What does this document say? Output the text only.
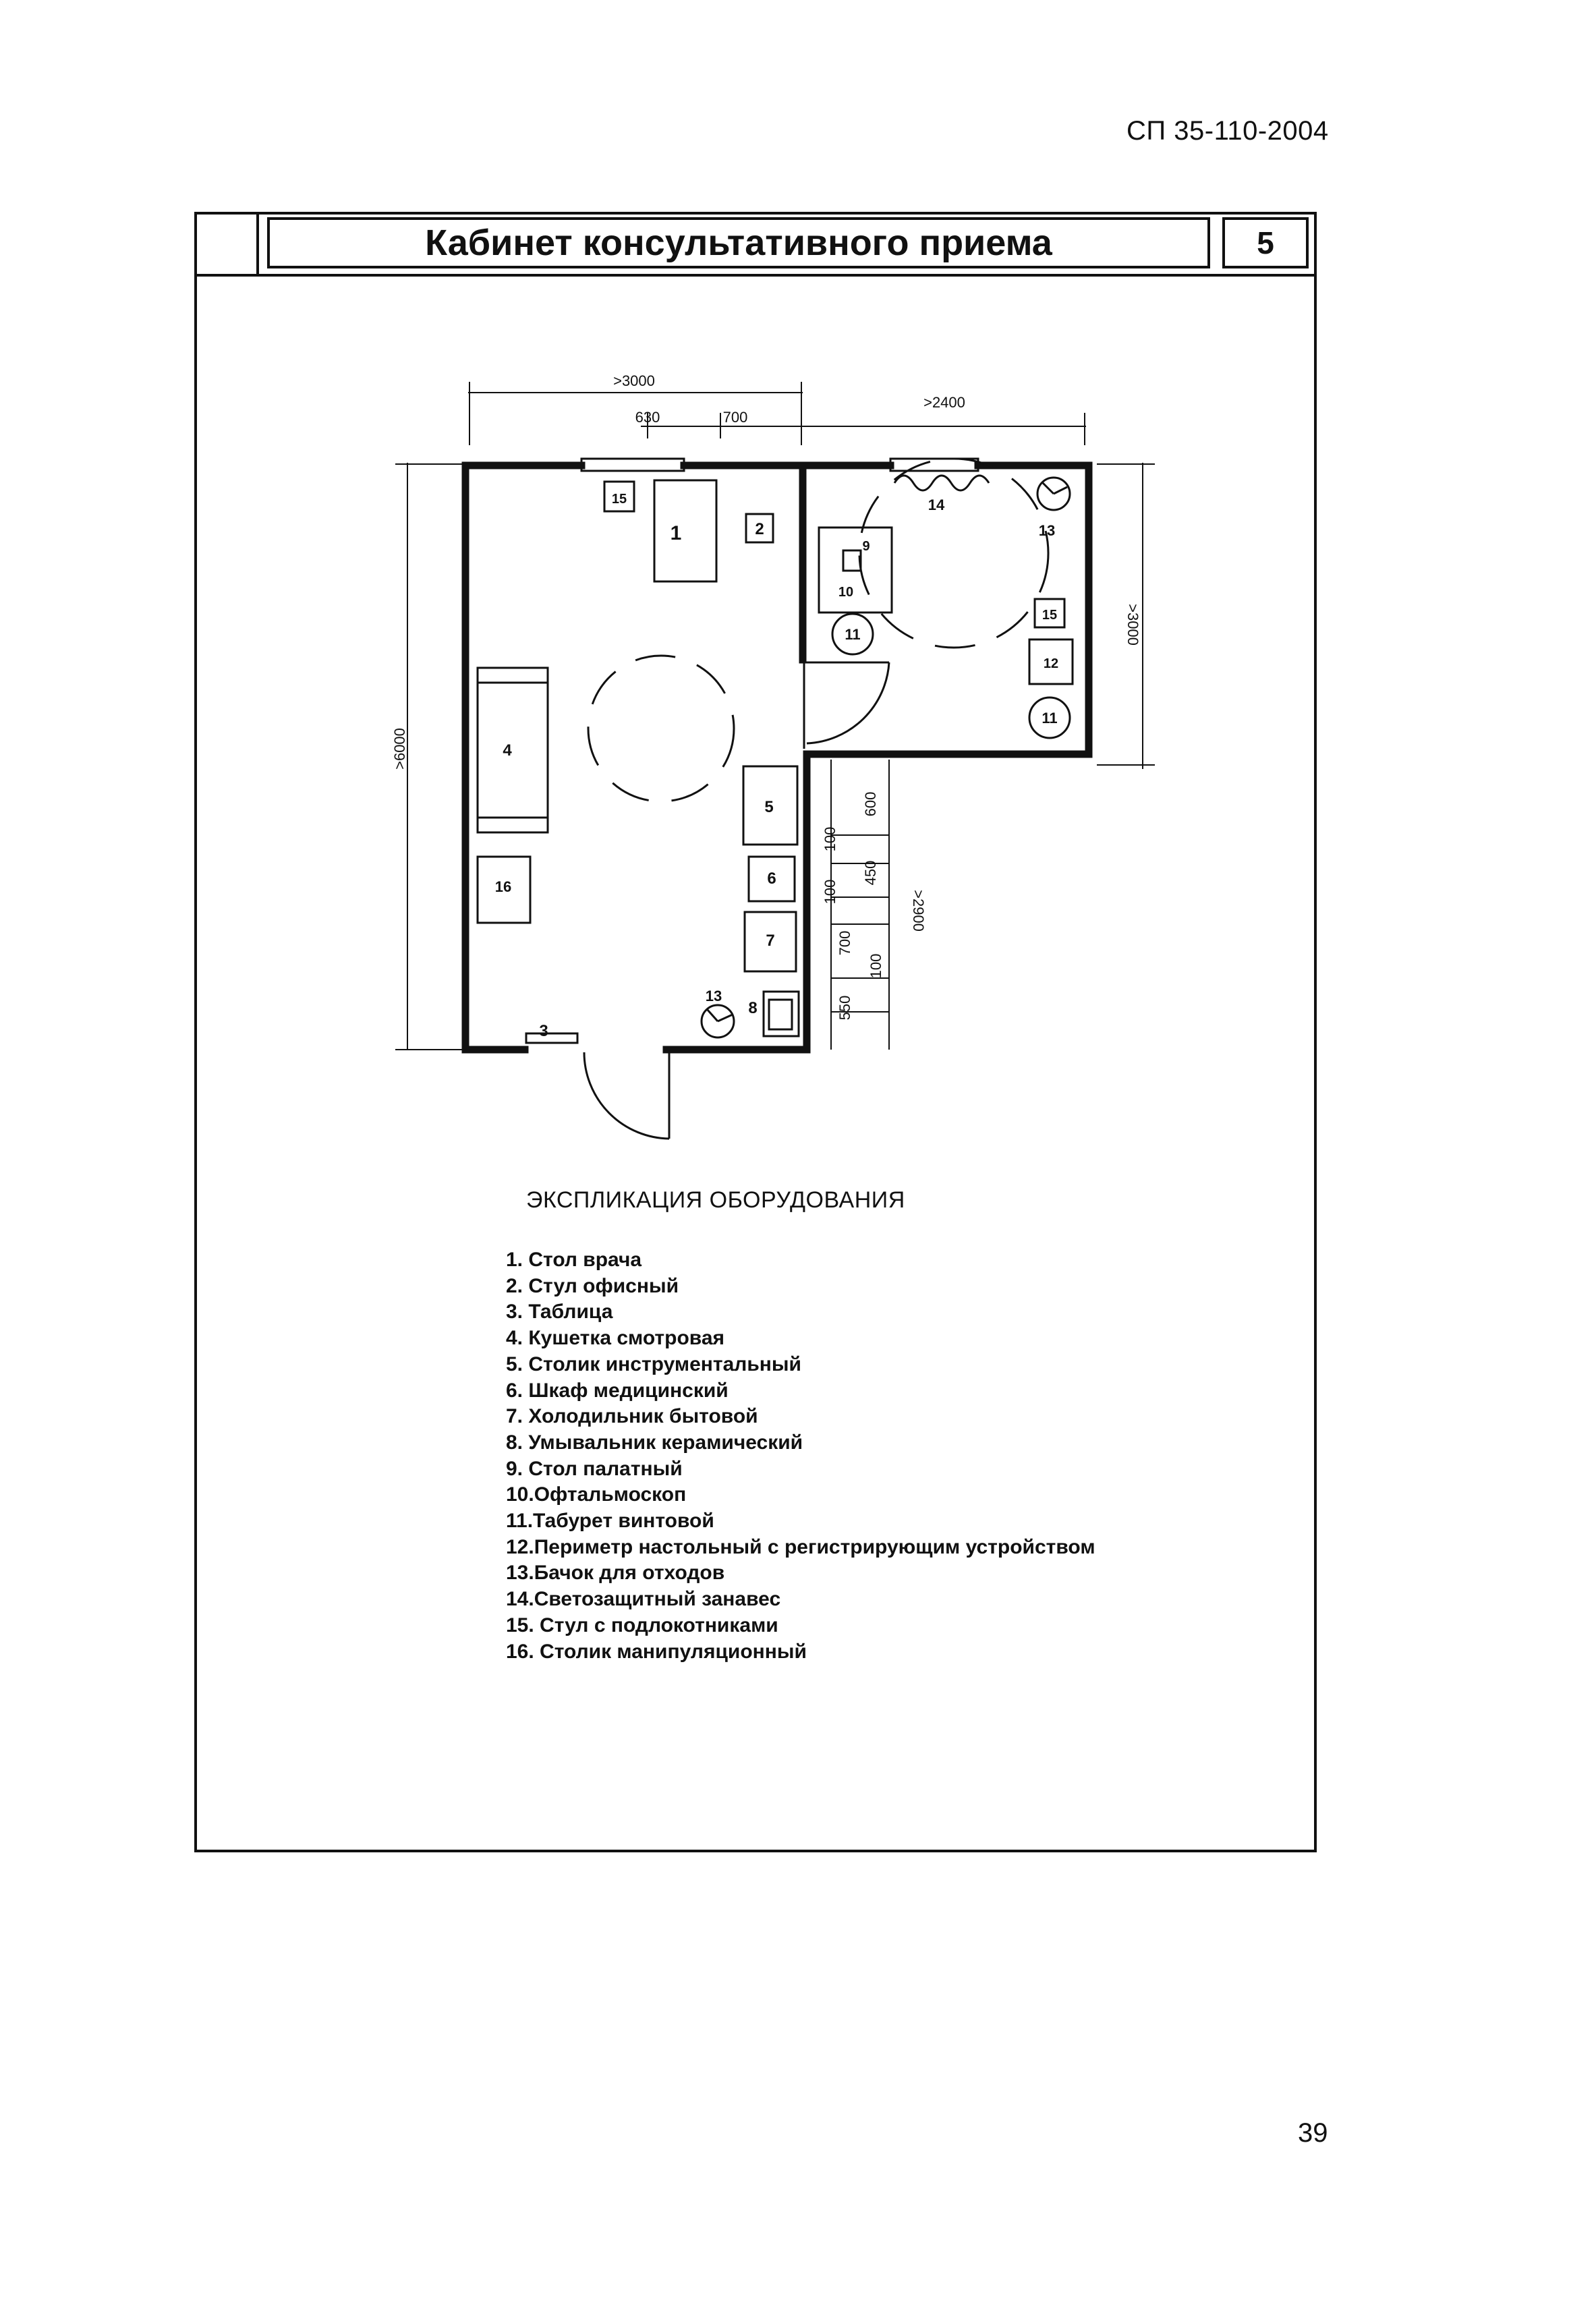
СП 35-110-2004
Кабинет консультативного приема	5
>3000
630	700
>2400
>6000
>3000
>2900
100
600
100
450
700
100
550
1	2
3
4
5
6
7
8
9
10
11
11
12
13
13
14
15
15
16
ЭКСПЛИКАЦИЯ ОБОРУДОВАНИЯ
1. Стол врача
2. Стул офисный
3. Таблица
4. Кушетка смотровая
5. Столик инструментальный
6. Шкаф медицинский
7. Холодильник бытовой
8. Умывальник керамический
9. Стол палатный
10.Офтальмоскоп
11.Табурет винтовой
12.Периметр настольный с регистрирующим устройством
13.Бачок для отходов
14.Светозащитный занавес
15. Стул с подлокотниками
16. Столик манипуляционный
39
